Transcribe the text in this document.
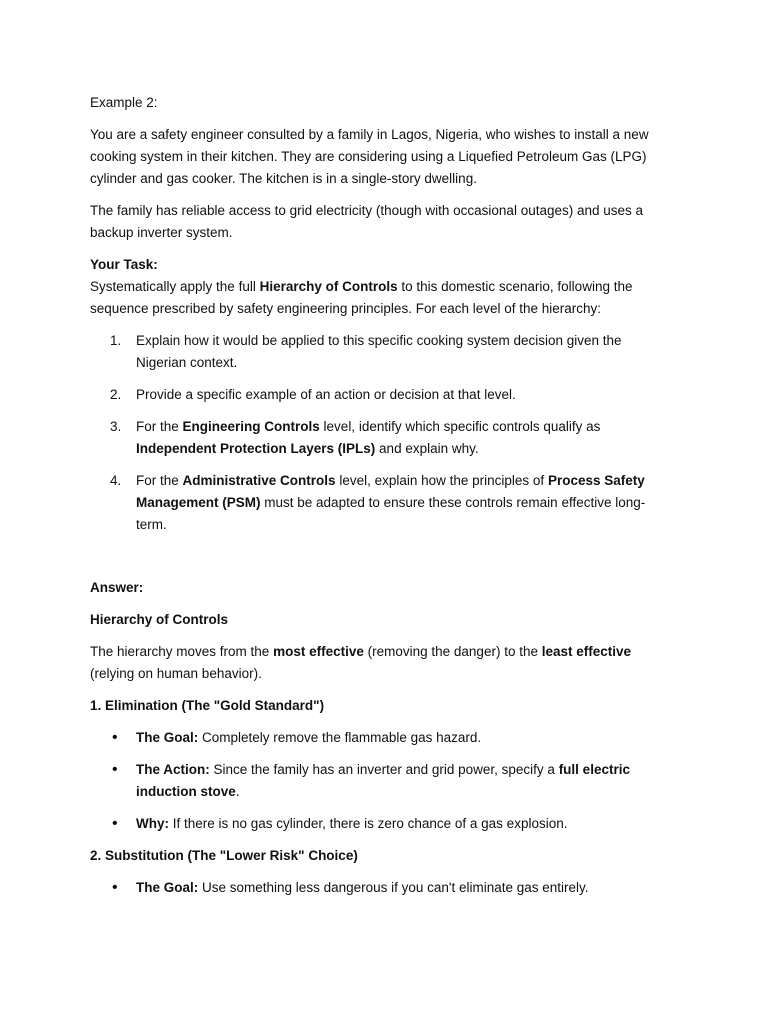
Example 2:

You are a safety engineer consulted by a family in Lagos, Nigeria, who wishes to install a new cooking system in their kitchen. They are considering using a Liquefied Petroleum Gas (LPG) cylinder and gas cooker. The kitchen is in a single-story dwelling.

The family has reliable access to grid electricity (though with occasional outages) and uses a backup inverter system.

Your Task:

Systematically apply the full Hierarchy of Controls to this domestic scenario, following the sequence prescribed by safety engineering principles. For each level of the hierarchy:

1.	Explain how it would be applied to this specific cooking system decision given the Nigerian context.

2.	Provide a specific example of an action or decision at that level.

3.	For the Engineering Controls level, identify which specific controls qualify as Independent Protection Layers (IPLs) and explain why.

4.	For the Administrative Controls level, explain how the principles of Process Safety Management (PSM) must be adapted to ensure these controls remain effective long-term.

Answer:

Hierarchy of Controls

The hierarchy moves from the most effective (removing the danger) to the least effective (relying on human behavior).

1. Elimination (The "Gold Standard")

•	The Goal: Completely remove the flammable gas hazard.

•	The Action: Since the family has an inverter and grid power, specify a full electric induction stove.

•	Why: If there is no gas cylinder, there is zero chance of a gas explosion.

2. Substitution (The "Lower Risk" Choice)

•	The Goal: Use something less dangerous if you can't eliminate gas entirely.
